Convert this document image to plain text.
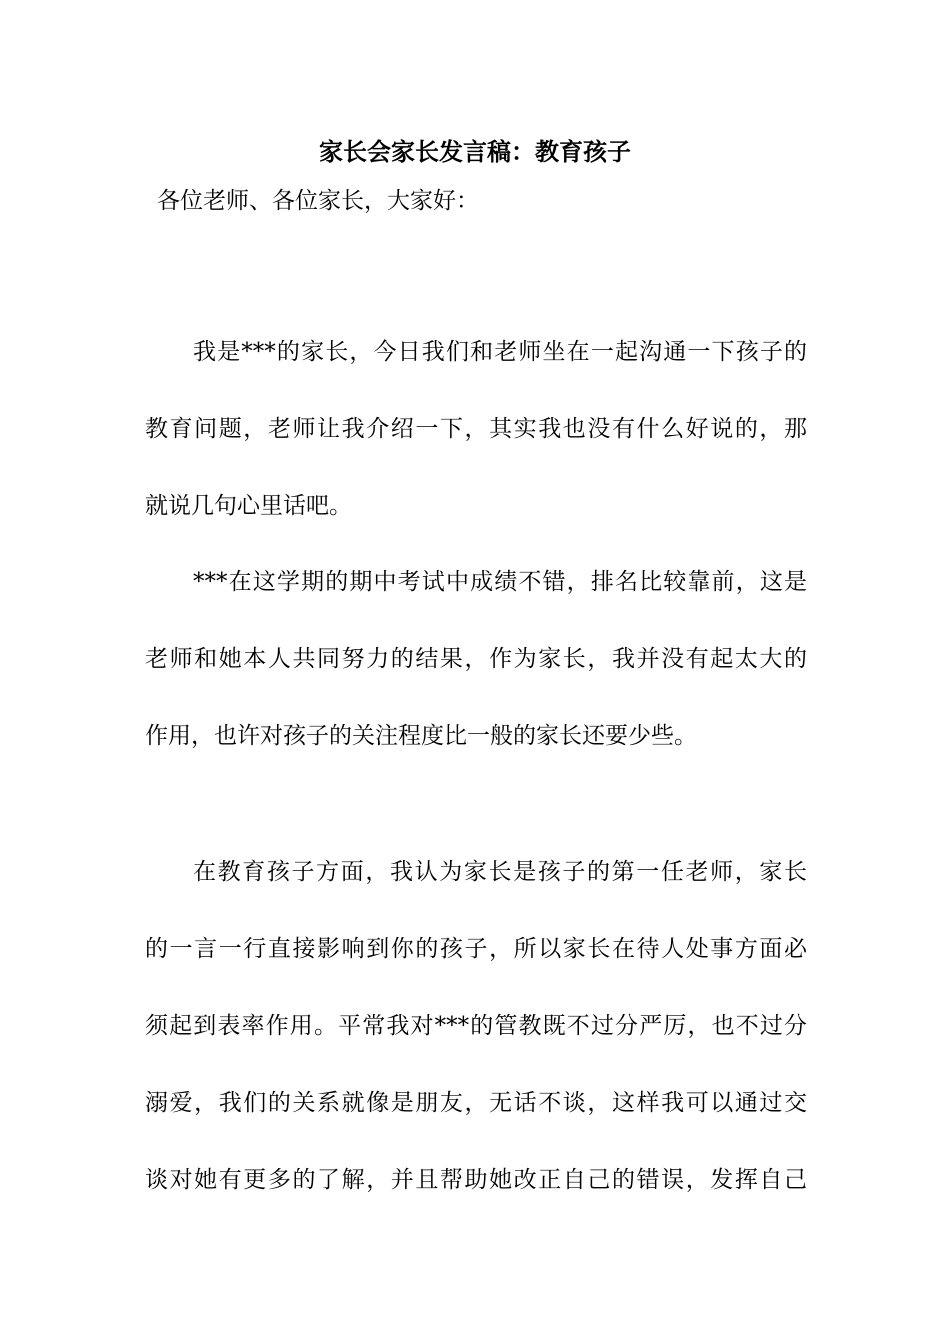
家长会家长发言稿：教育孩子
各位老师、各位家长，大家好：
我是***的家长，今日我们和老师坐在一起沟通一下孩子的
教育问题，老师让我介绍一下，其实我也没有什么好说的，那
就说几句心里话吧。
***在这学期的期中考试中成绩不错，排名比较靠前，这是
老师和她本人共同努力的结果，作为家长，我并没有起太大的
作用，也许对孩子的关注程度比一般的家长还要少些。
在教育孩子方面，我认为家长是孩子的第一任老师，家长
的一言一行直接影响到你的孩子，所以家长在待人处事方面必
须起到表率作用。平常我对***的管教既不过分严厉，也不过分
溺爱，我们的关系就像是朋友，无话不谈，这样我可以通过交
谈对她有更多的了解，并且帮助她改正自己的错误，发挥自己
